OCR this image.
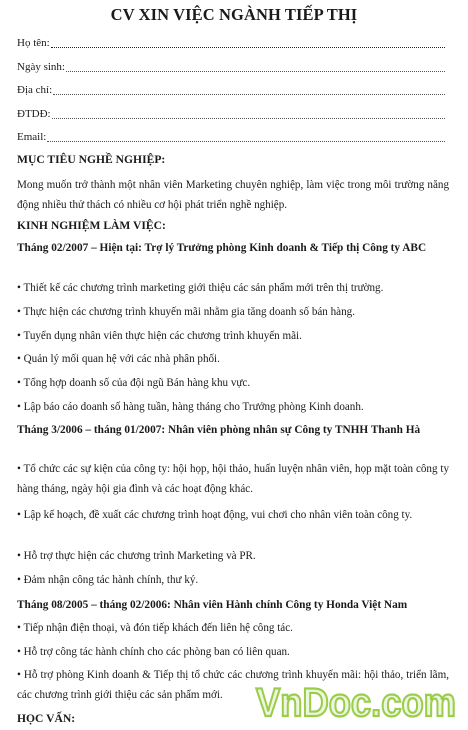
CV XIN VIỆC NGÀNH TIẾP THỊ
Họ tên:
Ngày sinh:
Địa chỉ:
ĐTDĐ:
Email:
MỤC TIÊU NGHỀ NGHIỆP:
Mong muốn trở thành một nhân viên Marketing chuyên nghiệp, làm việc trong môi trường năng động nhiều thử thách có nhiều cơ hội phát triển nghề nghiệp.
KINH NGHIỆM LÀM VIỆC:
Tháng 02/2007 – Hiện tại: Trợ lý Trưởng phòng Kinh doanh & Tiếp thị Công ty ABC
• Thiết kế các chương trình marketing giới thiệu các sản phẩm mới trên thị trường.
• Thực hiện các chương trình khuyến mãi nhằm gia tăng doanh số bán hàng.
• Tuyển dụng nhân viên thực hiện các chương trình khuyến mãi.
• Quản lý mối quan hệ với các nhà phân phối.
• Tổng hợp doanh số của đội ngũ Bán hàng khu vực.
• Lập báo cáo doanh số hàng tuần, hàng tháng cho Trưởng phòng Kinh doanh.
Tháng 3/2006 – tháng 01/2007: Nhân viên phòng nhân sự Công ty TNHH Thanh Hà
• Tổ chức các sự kiện của công ty: hội họp, hội thảo, huấn luyện nhân viên, họp mặt toàn công ty hàng tháng, ngày hội gia đình và các hoạt động khác.
• Lập kế hoạch, đề xuất các chương trình hoạt động, vui chơi cho nhân viên toàn công ty.
• Hỗ trợ thực hiện các chương trình Marketing và PR.
• Đảm nhận công tác hành chính, thư ký.
Tháng 08/2005 – tháng 02/2006: Nhân viên Hành chính Công ty Honda Việt Nam
• Tiếp nhận điện thoại, và đón tiếp khách đến liên hệ công tác.
• Hỗ trợ công tác hành chính cho các phòng ban có liên quan.
• Hỗ trợ phòng Kinh doanh & Tiếp thị tổ chức các chương trình khuyến mãi: hội thảo, triển lãm, các chương trình giới thiệu các sản phẩm mới.
HỌC VẤN:	VnDoc.com
